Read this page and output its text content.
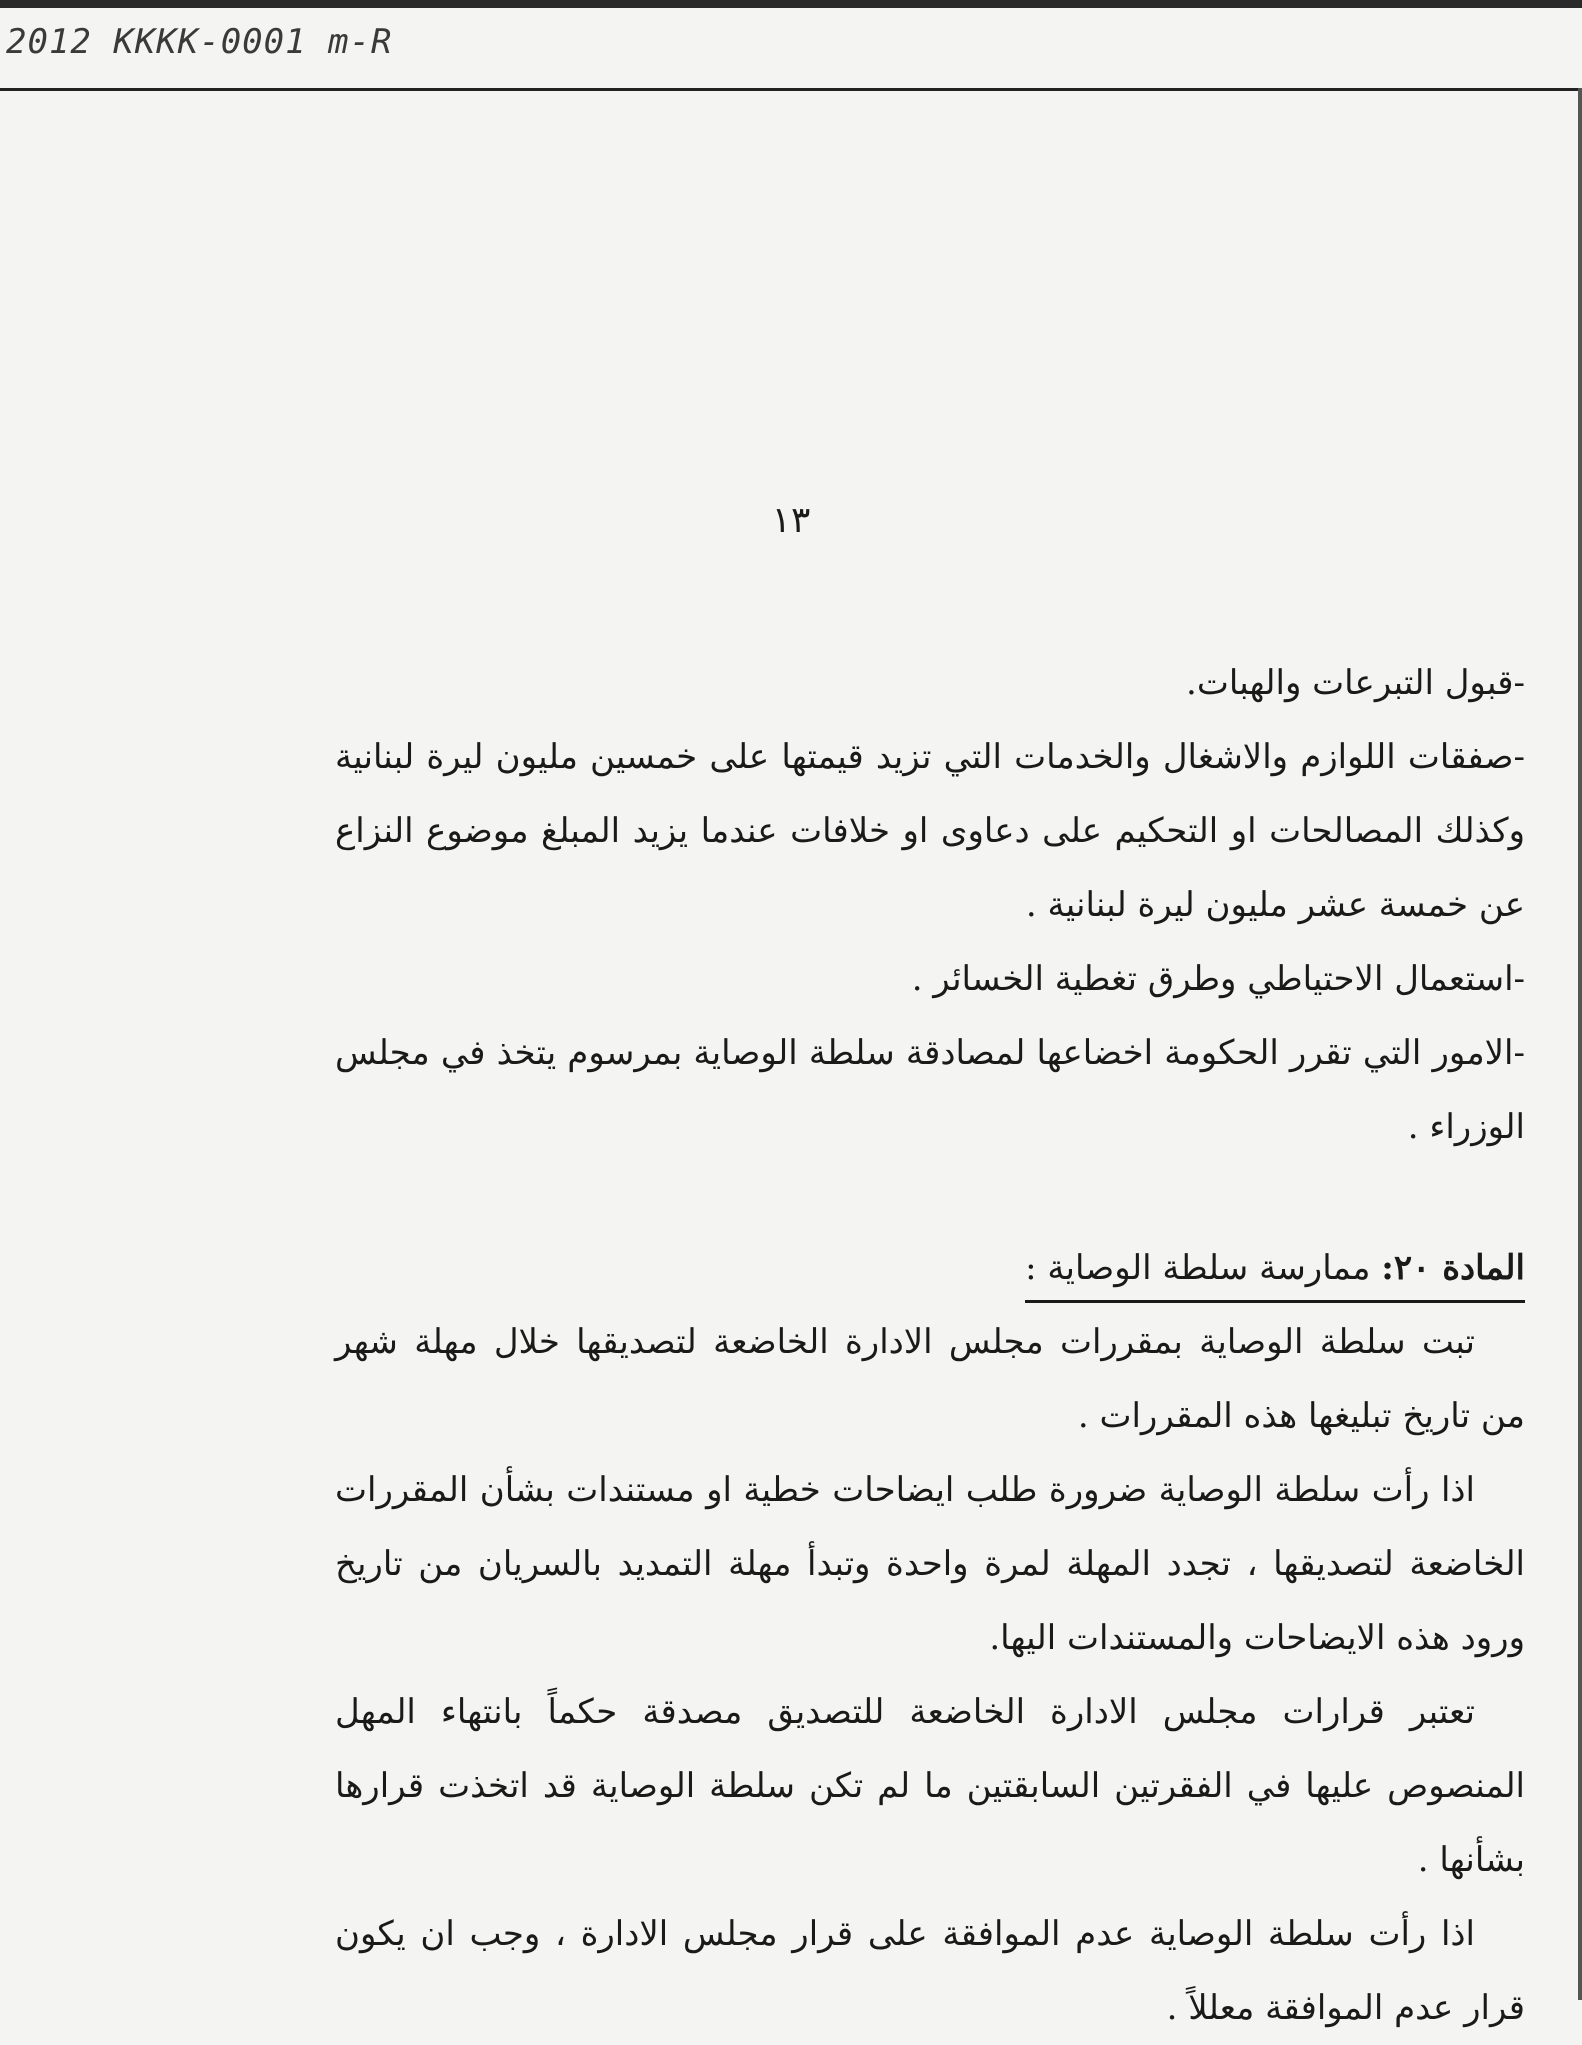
2012 KKKK-0001 m-R
١٣

-قبول التبرعات والهبات.

-صفقات اللوازم والاشغال والخدمات التي تزيد قيمتها على خمسين مليون ليرة لبنانية وكذلك المصالحات او التحكيم على دعاوى او خلافات عندما يزيد المبلغ موضوع النزاع عن خمسة عشر مليون ليرة لبنانية .

-استعمال الاحتياطي وطرق تغطية الخسائر .

-الامور التي تقرر الحكومة اخضاعها لمصادقة سلطة الوصاية بمرسوم يتخذ في مجلس الوزراء .

المادة ٢٠: ممارسة سلطة الوصاية :

تبت سلطة الوصاية بمقررات مجلس الادارة الخاضعة لتصديقها خلال مهلة شهر من تاريخ تبليغها هذه المقررات .

اذا رأت سلطة الوصاية ضرورة طلب ايضاحات خطية او مستندات بشأن المقررات الخاضعة لتصديقها ، تجدد المهلة لمرة واحدة وتبدأ مهلة التمديد بالسريان من تاريخ ورود هذه الايضاحات والمستندات اليها.

تعتبر قرارات مجلس الادارة الخاضعة للتصديق مصدقة حكماً بانتهاء المهل المنصوص عليها في الفقرتين السابقتين ما لم تكن سلطة الوصاية قد اتخذت قرارها بشأنها .

اذا رأت سلطة الوصاية عدم الموافقة على قرار مجلس الادارة ، وجب ان يكون قرار عدم الموافقة معللاً .
